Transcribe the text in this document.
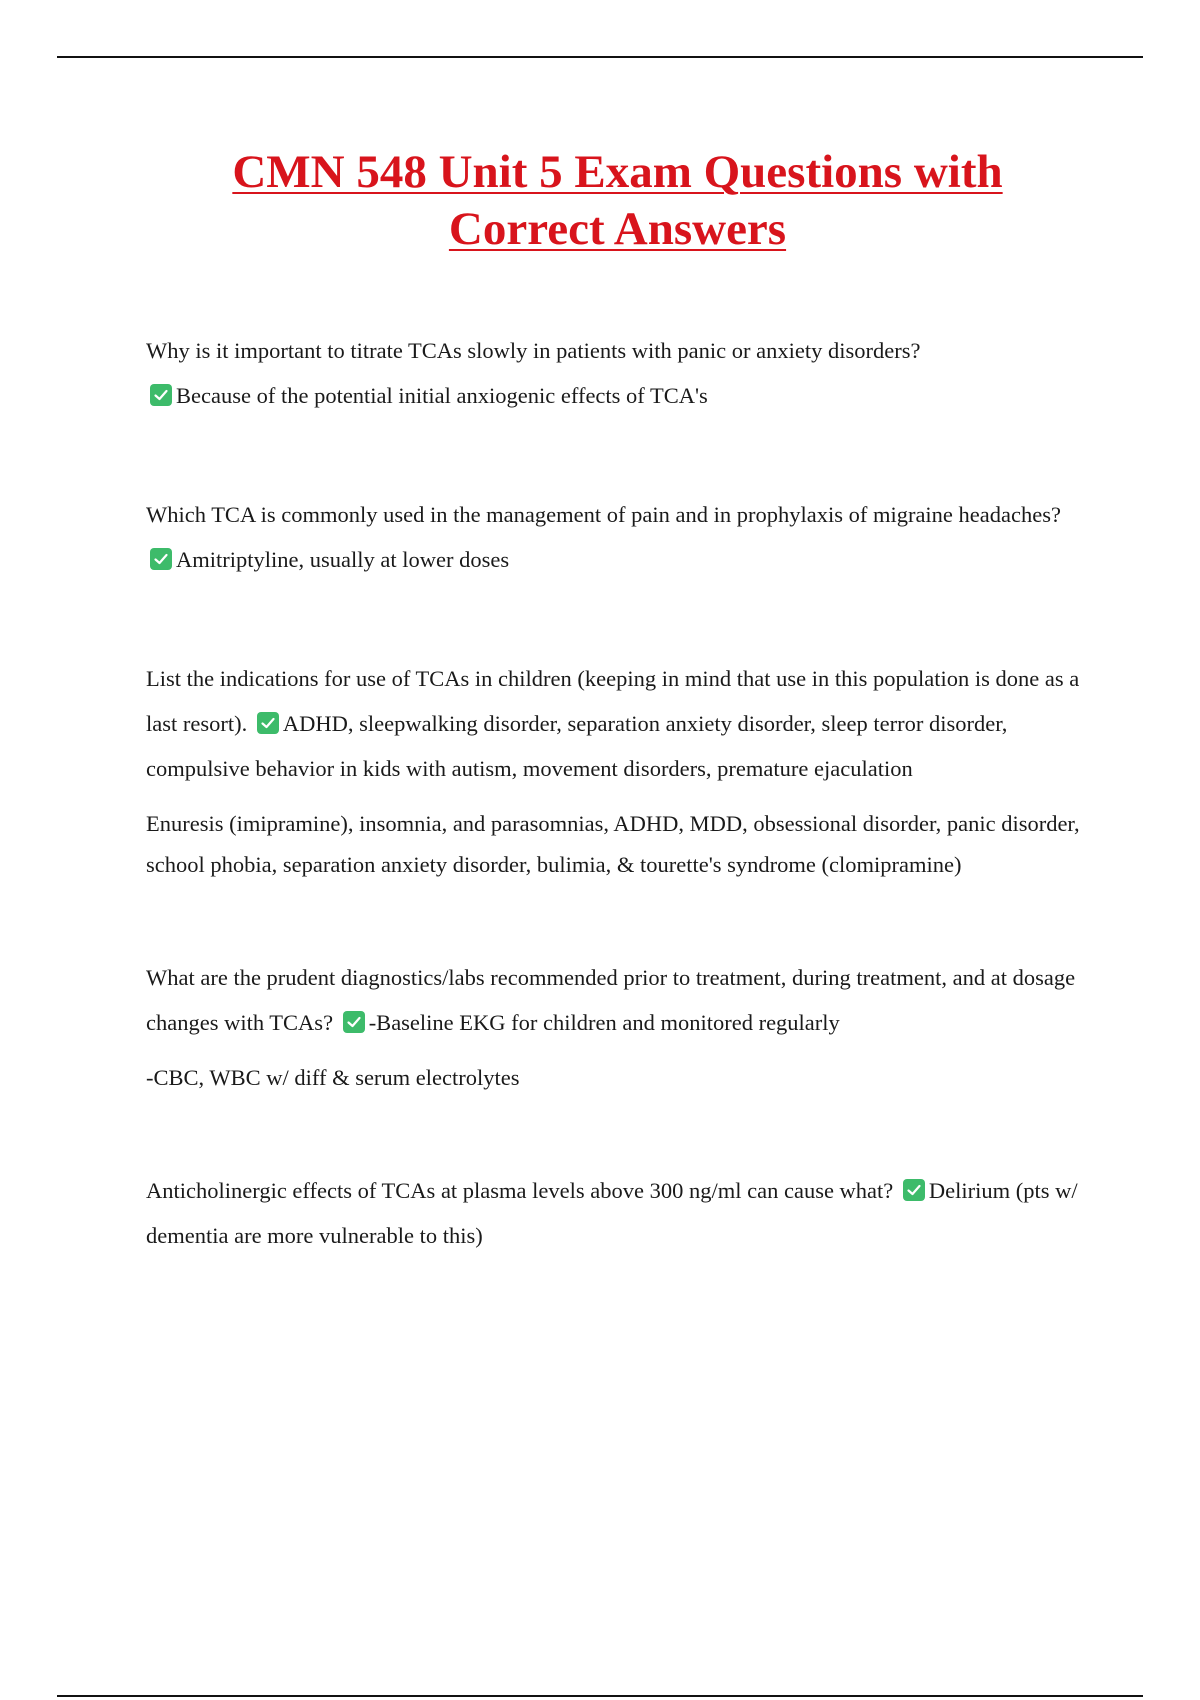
CMN 548 Unit 5 Exam Questions with Correct Answers

Why is it important to titrate TCAs slowly in patients with panic or anxiety disorders?

Because of the potential initial anxiogenic effects of TCA's

Which TCA is commonly used in the management of pain and in prophylaxis of migraine headaches?
Amitriptyline, usually at lower doses

List the indications for use of TCAs in children (keeping in mind that use in this population is done as a last resort). ADHD, sleepwalking disorder, separation anxiety disorder, sleep terror disorder, compulsive behavior in kids with autism, movement disorders, premature ejaculation

Enuresis (imipramine), insomnia, and parasomnias, ADHD, MDD, obsessional disorder, panic disorder, school phobia, separation anxiety disorder, bulimia, & tourette's syndrome (clomipramine)

What are the prudent diagnostics/labs recommended prior to treatment, during treatment, and at dosage changes with TCAs? -Baseline EKG for children and monitored regularly

-CBC, WBC w/ diff & serum electrolytes

Anticholinergic effects of TCAs at plasma levels above 300 ng/ml can cause what? Delirium (pts w/ dementia are more vulnerable to this)
